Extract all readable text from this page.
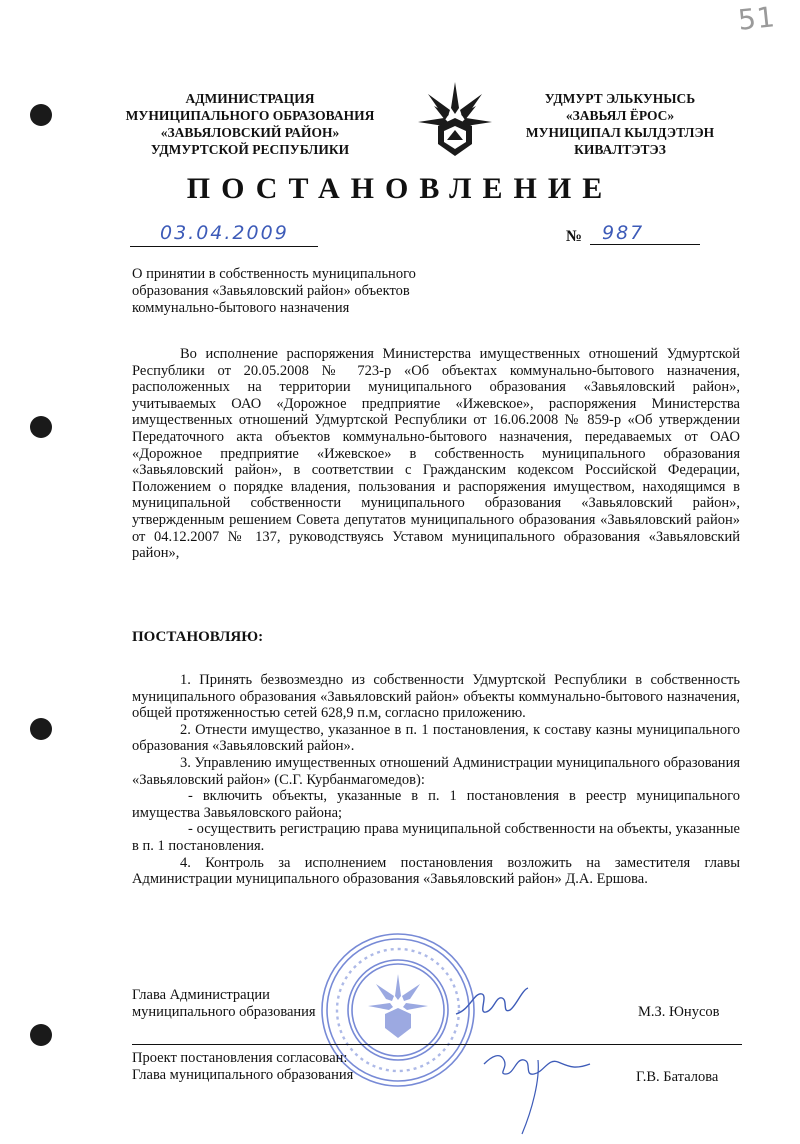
51
АДМИНИСТРАЦИЯ
МУНИЦИПАЛЬНОГО ОБРАЗОВАНИЯ
«ЗАВЬЯЛОВСКИЙ РАЙОН»
УДМУРТСКОЙ РЕСПУБЛИКИ
УДМУРТ ЭЛЬКУНЫСЬ
«ЗАВЬЯЛ ЁРОС»
МУНИЦИПАЛ КЫЛДЭТЛЭН
КИВАЛТЭТЭЗ
ПОСТАНОВЛЕНИЕ
03.04.2009	№ 987
О принятии в собственность муниципального
образования «Завьяловский район» объектов
коммунально-бытового назначения

Во исполнение распоряжения Министерства имущественных отношений Удмуртской Республики от 20.05.2008 № 723-р «Об объектах коммунально-бытового назначения, расположенных на территории муниципального образования «Завьяловский район», учитываемых ОАО «Дорожное предприятие «Ижевское», распоряжения Министерства имущественных отношений Удмуртской Республики от 16.06.2008 № 859-р «Об утверждении Передаточного акта объектов коммунально-бытового назначения, передаваемых от ОАО «Дорожное предприятие «Ижевское» в собственность муниципального образования «Завьяловский район», в соответствии с Гражданским кодексом Российской Федерации, Положением о порядке владения, пользования и распоряжения имуществом, находящимся в муниципальной собственности муниципального образования «Завьяловский район», утвержденным решением Совета депутатов муниципального образования «Завьяловский район» от 04.12.2007 № 137, руководствуясь Уставом муниципального образования «Завьяловский район»,

ПОСТАНОВЛЯЮ:

1. Принять безвозмездно из собственности Удмуртской Республики в собственность муниципального образования «Завьяловский район» объекты коммунально-бытового назначения, общей протяженностью сетей 628,9 п.м, согласно приложению.

2. Отнести имущество, указанное в п. 1 постановления, к составу казны муниципального образования «Завьяловский район».

3. Управлению имущественных отношений Администрации муниципального образования «Завьяловский район» (С.Г. Курбанмагомедов):

- включить объекты, указанные в п. 1 постановления в реестр муниципального имущества Завьяловского района;

- осуществить регистрацию права муниципальной собственности на объекты, указанные в п. 1 постановления.

4. Контроль за исполнением постановления возложить на заместителя главы Администрации муниципального образования «Завьяловский район» Д.А. Ершова.

Глава Администрации
муниципального образования	М.З. Юнусов
Проект постановления согласован:
Глава муниципального образования	Г.В. Баталова
